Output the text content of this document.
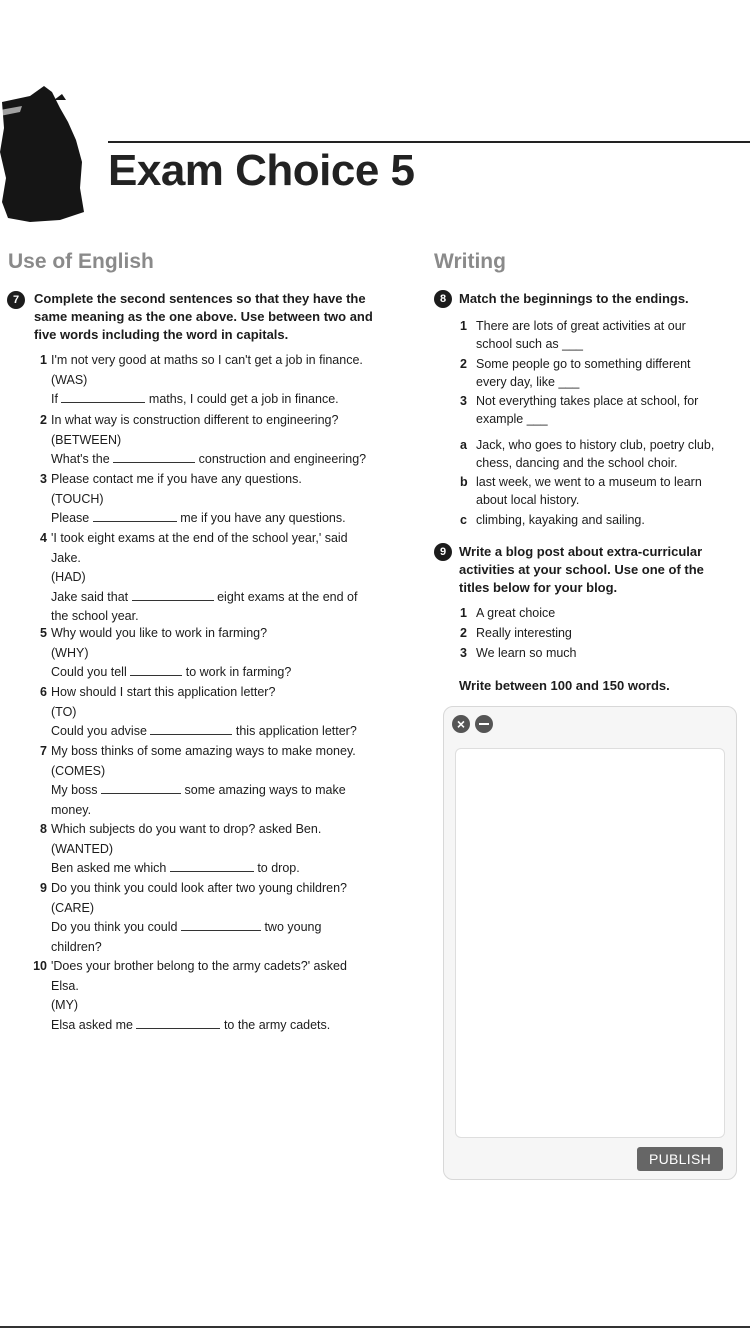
Exam Choice 5
Use of English	Writing
7	Complete the second sentences so that they have the
same meaning as the one above. Use between two and
five words including the word in capitals.
1 I'm not very good at maths so I can't get a job in finance.
(WAS)
If	maths, I could get a job in finance.
2 In what way is construction different to engineering?
(BETWEEN)
What's the	construction and engineering?
3 Please contact me if you have any questions.
(TOUCH)
Please	me if you have any questions.
4 'I took eight exams at the end of the school year,' said
Jake.
(HAD)
Jake said that	eight exams at the end of
the school year.
5 Why would you like to work in farming?
(WHY)
Could you tell	to work in farming?
6 How should I start this application letter?
(TO)
Could you advise	this application letter?
7 My boss thinks of some amazing ways to make money.
(COMES)
My boss	some amazing ways to make
money.
8 Which subjects do you want to drop? asked Ben.
(WANTED)
Ben asked me which	to drop.
9 Do you think you could look after two young children?
(CARE)
Do you think you could	two young
children?
10 'Does your brother belong to the army cadets?' asked
Elsa.
(MY)
Elsa asked me	to the army cadets.
8 Match the beginnings to the endings.
1 There are lots of great activities at our
school such as ___
2 Some people go to something different
every day, like ___
3 Not everything takes place at school, for
example ___
a Jack, who goes to history club, poetry club,
chess, dancing and the school choir.
b last week, we went to a museum to learn
about local history.
c climbing, kayaking and sailing.
9 Write a blog post about extra-curricular
activities at your school. Use one of the
titles below for your blog.
1 A great choice
2 Really interesting
3 We learn so much
Write between 100 and 150 words.
×
PUBLISH
